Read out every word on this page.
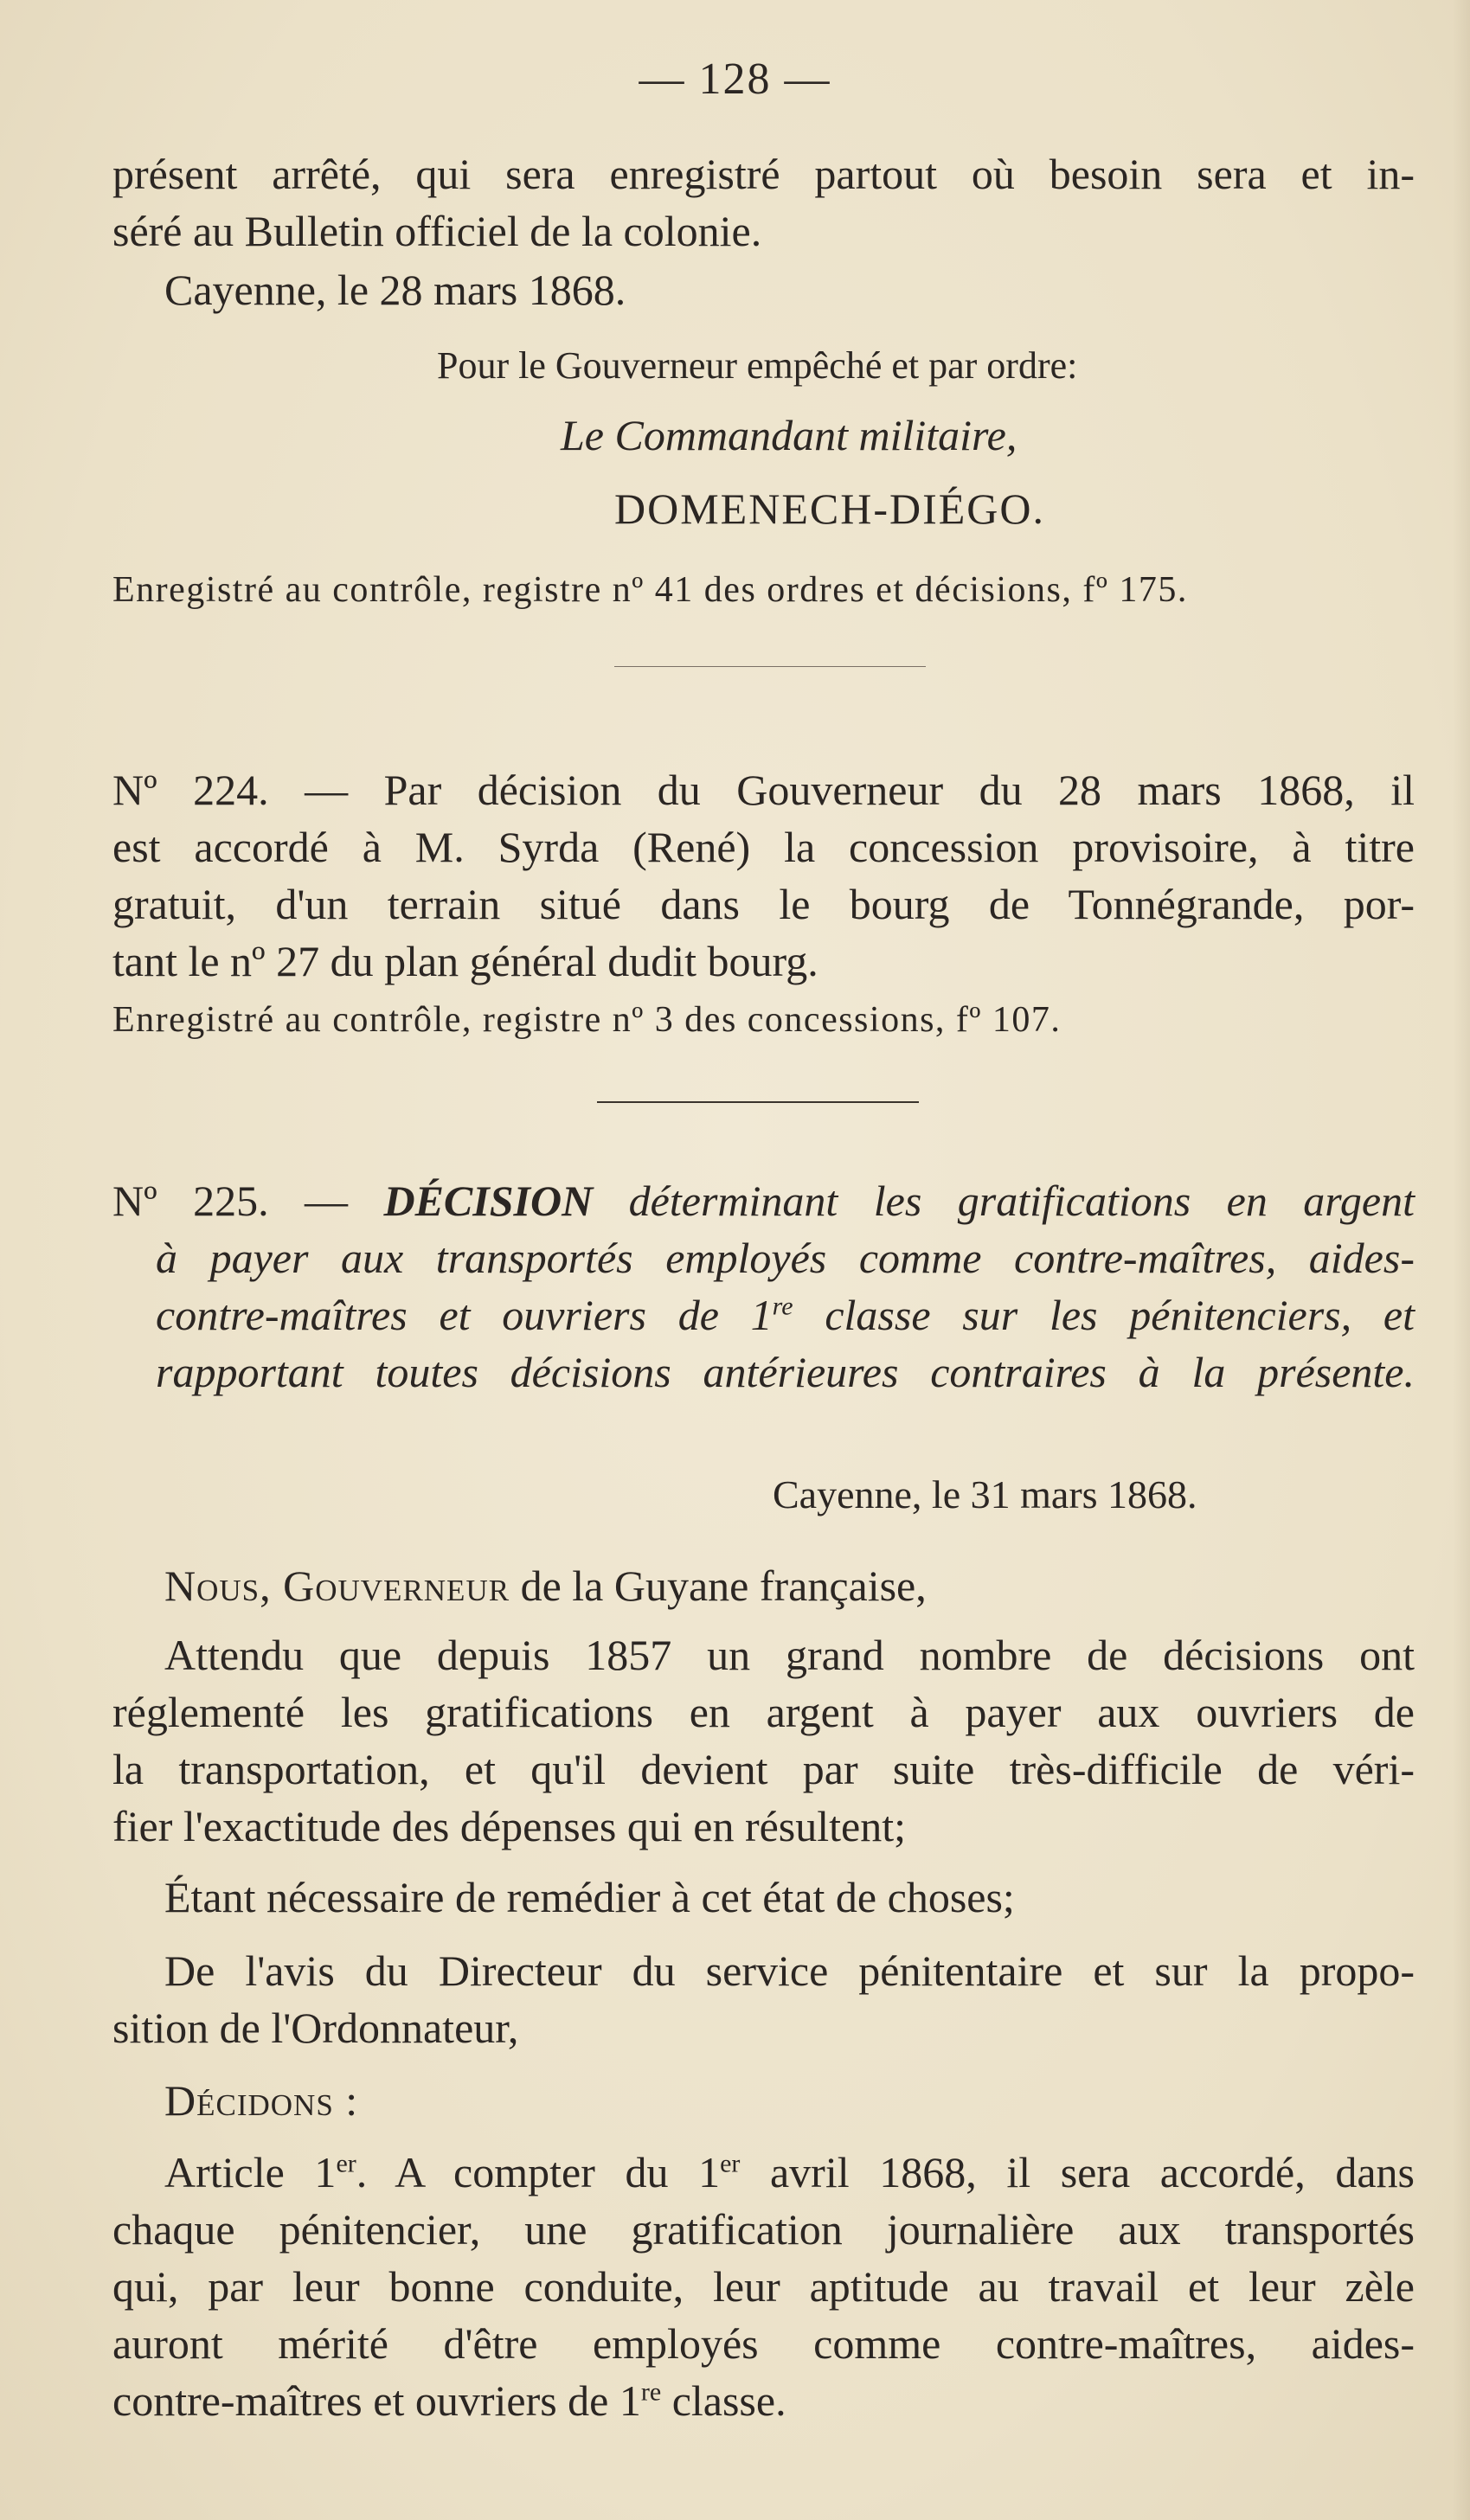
— 128 —
présent arrêté, qui sera enregistré partout où besoin sera et in-
séré au Bulletin officiel de la colonie.
Cayenne, le 28 mars 1868.
Pour le Gouverneur empêché et par ordre:
Le Commandant militaire,
DOMENECH-DIÉGO.
Enregistré au contrôle, registre nº 41 des ordres et décisions, fº 175.
Nº 224. — Par décision du Gouverneur du 28 mars 1868, il
est accordé à M. Syrda (René) la concession provisoire, à titre
gratuit, d'un terrain situé dans le bourg de Tonnégrande, por-
tant le nº 27 du plan général dudit bourg.
Enregistré au contrôle, registre nº 3 des concessions, fº 107.
Nº 225. — DÉCISION déterminant les gratifications en argent
à payer aux transportés employés comme contre-maîtres, aides-
contre-maîtres et ouvriers de 1re classe sur les pénitenciers, et
rapportant toutes décisions antérieures contraires à la présente.
Cayenne, le 31 mars 1868.
Nous, Gouverneur de la Guyane française,
Attendu que depuis 1857 un grand nombre de décisions ont
réglementé les gratifications en argent à payer aux ouvriers de
la transportation, et qu'il devient par suite très-difficile de véri-
fier l'exactitude des dépenses qui en résultent;
Étant nécessaire de remédier à cet état de choses;
De l'avis du Directeur du service pénitentaire et sur la propo-
sition de l'Ordonnateur,
Décidons :
Article 1er. A compter du 1er avril 1868, il sera accordé, dans
chaque pénitencier, une gratification journalière aux transportés
qui, par leur bonne conduite, leur aptitude au travail et leur zèle
auront mérité d'être employés comme contre-maîtres, aides-
contre-maîtres et ouvriers de 1re classe.
